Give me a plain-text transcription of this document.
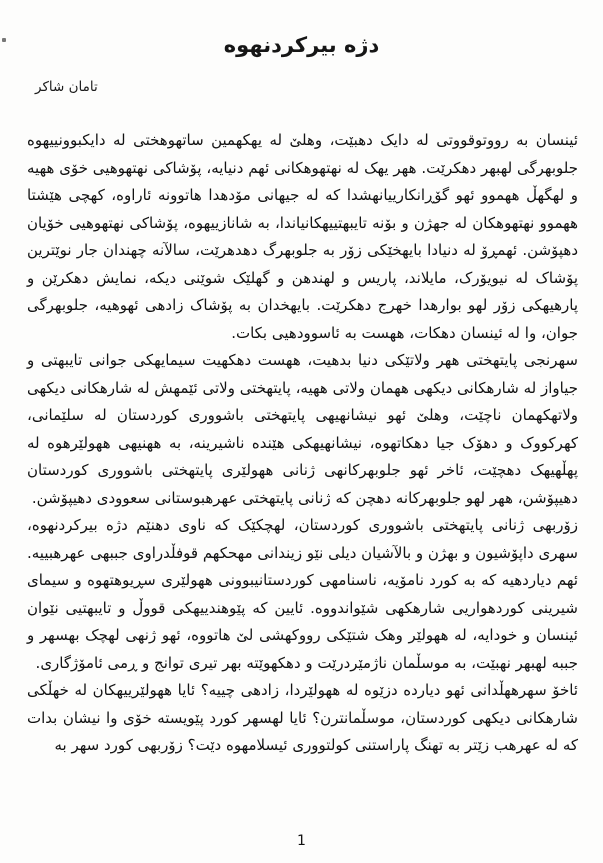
دژه بیرکردنهوه
تامان شاکر

ئینسان به رووتوقووتی له دایک دهبێت، وهلێ له یهکهمین ساتهوهختی له دایکبوونییهوه جلوبهرگی لهبهر دهکرێت. ههر یهک له نهتهوهکانی ئهم دنیایه، پۆشاکی نهتهوهیی خۆی ههیه و لهگهڵ ههموو ئهو گۆڕانکارییانهشدا که له جیهانی مۆدهدا هاتوونه ئاراوه، کهچی هێشتا ههموو نهتهوهکان له جهژن و بۆنه تایبهتییهکانیاندا، به شانازییهوه، پۆشاکی نهتهوهیی خۆیان دهپۆشن. ئهمڕۆ له دنیادا بایهخێکی زۆر به جلوبهرگ دهدهرێت، سالآنه چهندان جار نوێترین پۆشاک له نیویۆرک، مایلاند، پاریس و لهندهن و گهلێک شوێنی دیکه، نمایش دهکرێن و پارهیهکی زۆر لهو بوارهدا خهرج دهکرێت. بایهخدان به پۆشاک زادهی ئهوهیه، جلوبهرگی جوان، وا له ئینسان دهکات، ههست به ئاسوودهیی بکات.

سهرنجی پایتهختی ههر ولاتێکی دنیا بدهیت، ههست دهکهیت سیمایهکی جوانی تایبهتی و جیاواز له شارهکانی دیکهی ههمان ولاتی ههیه، پایتهختی ولاتی ئێمهش له شارهکانی دیکهی ولاتهکهمان ناچێت، وهلێ ئهو نیشانهیهی پایتهختی باشووری کوردستان له سلێمانی، کهرکووک و دهۆک جیا دهکاتهوه، نیشانهیهکی هێنده ناشیرینه، به ههنیهی ههولێرهوه له پهڵهیهک دهچێت، ئاخر ئهو جلوبهرکانهی ژنانی ههولێری پایتهختی باشووری کوردستان دهیپۆشن، ههر لهو جلوبهرکانه دهچن که ژنانی پایتهختی عهرهبوستانی سعوودی دهیپۆشن.

زۆربهی ژنانی پایتهختی باشووری کوردستان، لهچکێک که ناوی دهنێم دژه بیرکردنهوه، سهری داپۆشیون و بهژن و بالآشیان دیلی نێو زیندانی مهحکهم قوفڵدراوی جببهی عهرهبییه. ئهم دیاردهیه که به کورد نامۆیه، ناسنامهی کوردستانیبوونی ههولێری سڕیوهتهوه و سیمای شیرینی کوردهواریی شارهکهی شێواندووه. ئایین که پێوهندییهکی قووڵ و تایبهتیی نێوان ئینسان و خودایه، له ههولێر وهک شتێکی رووکهشی لێ هاتووه، ئهو ژنهی لهچک بهسهر و جببه لهبهر نهبێت، به موسڵمان ناژمێردرێت و دهکهوێته بهر تیری توانج و ڕمی ئامۆژگاری.

ئاخۆ سهرههڵدانی ئهو دیارده دزێوه له ههولێردا، زادهی چییه؟ ئایا ههولێرییهکان له خهڵکی شارهکانی دیکهی کوردستان، موسڵمانترن؟ ئایا لهسهر کورد پێویسته خۆی وا نیشان بدات که له عهرهب زێتر به تهنگ پاراستنی کولتووری ئیسلامهوه دێت؟ زۆربهی کورد سهر به

1
